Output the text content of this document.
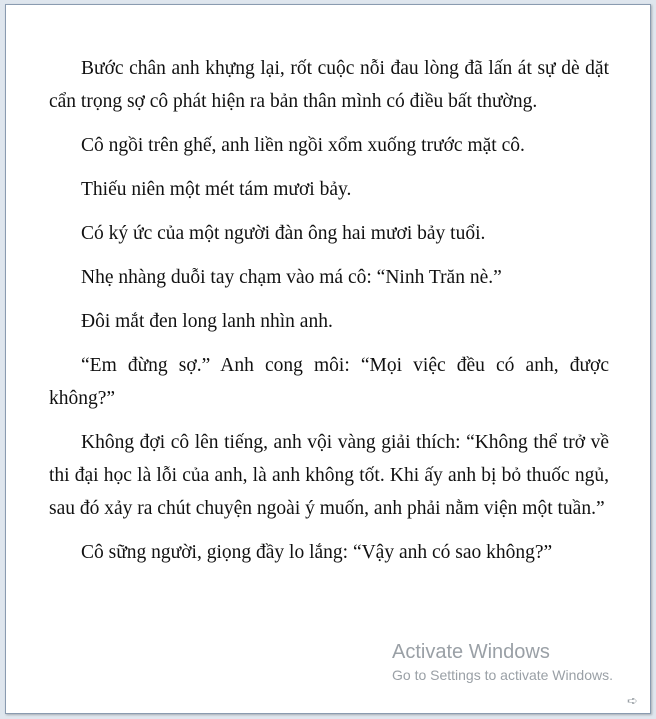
Bước chân anh khựng lại, rốt cuộc nỗi đau lòng đã lấn át sự dè dặt cẩn trọng sợ cô phát hiện ra bản thân mình có điều bất thường.

Cô ngồi trên ghế, anh liền ngồi xổm xuống trước mặt cô.

Thiếu niên một mét tám mươi bảy.

Có ký ức của một người đàn ông hai mươi bảy tuổi.

Nhẹ nhàng duỗi tay chạm vào má cô: “Ninh Trăn nè.”

Đôi mắt đen long lanh nhìn anh.

“Em đừng sợ.” Anh cong môi: “Mọi việc đều có anh, được không?”

Không đợi cô lên tiếng, anh vội vàng giải thích: “Không thể trở về thi đại học là lỗi của anh, là anh không tốt. Khi ấy anh bị bỏ thuốc ngủ, sau đó xảy ra chút chuyện ngoài ý muốn, anh phải nằm viện một tuần.”

Cô sững người, giọng đầy lo lắng: “Vậy anh có sao không?”

Activate Windows
Go to Settings to activate Windows.
➪
